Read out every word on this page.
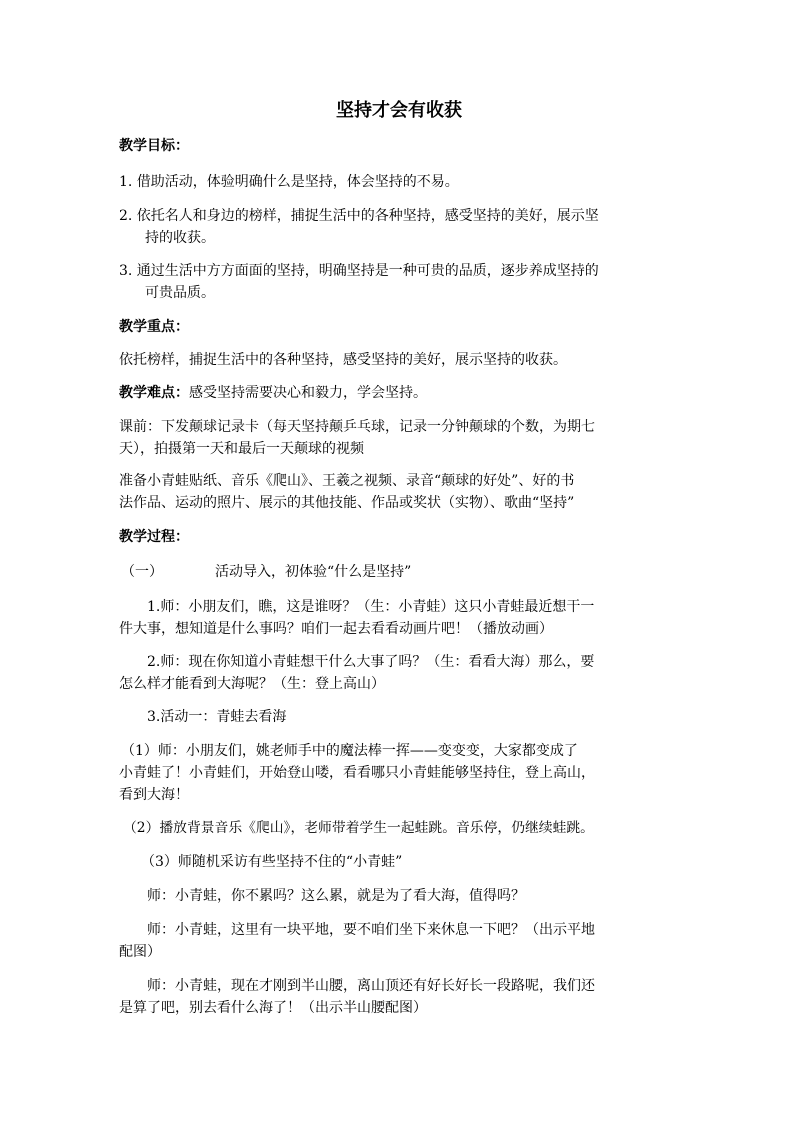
坚持才会有收获
教学目标：
1. 借助活动，体验明确什么是坚持，体会坚持的不易。
2. 依托名人和身边的榜样，捕捉生活中的各种坚持，感受坚持的美好，展示坚
持的收获。
3. 通过生活中方方面面的坚持，明确坚持是一种可贵的品质，逐步养成坚持的
可贵品质。
教学重点：
依托榜样，捕捉生活中的各种坚持，感受坚持的美好，展示坚持的收获。
教学难点：感受坚持需要决心和毅力，学会坚持。
课前：下发颠球记录卡（每天坚持颠乒乓球，记录一分钟颠球的个数，为期七
天），拍摄第一天和最后一天颠球的视频
准备小青蛙贴纸、音乐《爬山》、王羲之视频、录音“颠球的好处”、好的书
法作品、运动的照片、展示的其他技能、作品或奖状（实物）、歌曲“坚持”
教学过程：
（一）	活动导入，初体验“什么是坚持”
1.师：小朋友们，瞧，这是谁呀？（生：小青蛙）这只小青蛙最近想干一
件大事，想知道是什么事吗？咱们一起去看看动画片吧！（播放动画）
2.师：现在你知道小青蛙想干什么大事了吗？（生：看看大海）那么，要
怎么样才能看到大海呢？（生：登上高山）
3.活动一：青蛙去看海
（1）师：小朋友们，姚老师手中的魔法棒一挥——变变变，大家都变成了
小青蛙了！小青蛙们，开始登山喽，看看哪只小青蛙能够坚持住，登上高山，
看到大海！
（2）播放背景音乐《爬山》，老师带着学生一起蛙跳。音乐停，仍继续蛙跳。
（3）师随机采访有些坚持不住的“小青蛙”
师：小青蛙，你不累吗？这么累，就是为了看大海，值得吗？
师：小青蛙，这里有一块平地，要不咱们坐下来休息一下吧？（出示平地
配图）
师：小青蛙，现在才刚到半山腰，离山顶还有好长好长一段路呢，我们还
是算了吧，别去看什么海了！（出示半山腰配图）
